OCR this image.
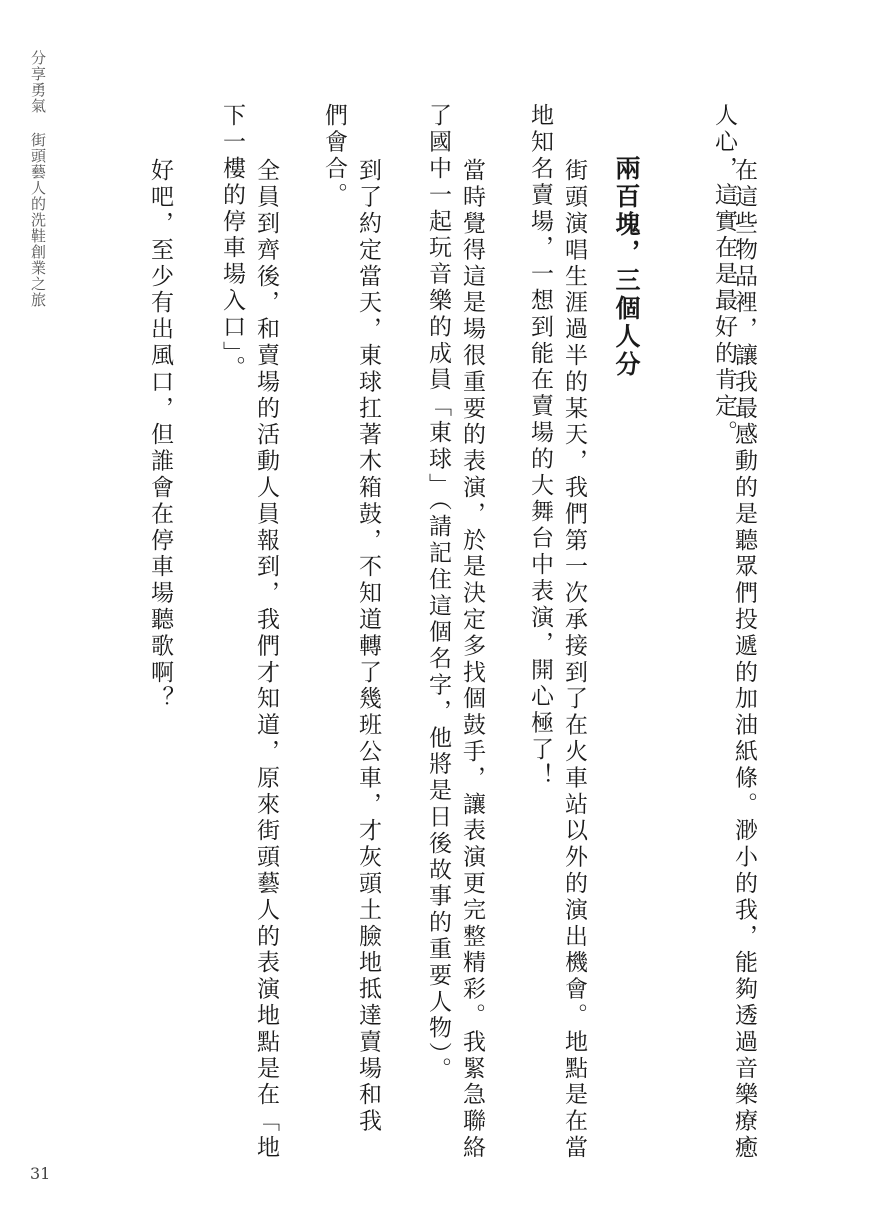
分享勇氣街頭藝人的洗鞋創業之旅	在這些物品裡，讓我最感動的是聽眾們投遞的加油紙條。渺小的我，能夠透過音樂療癒
人心，這實在是最好的肯定。
兩百塊，三個人分
街頭演唱生涯過半的某天，我們第一次承接到了在火車站以外的演出機會。地點是在當
地知名賣場，一想到能在賣場的大舞台中表演，開心極了！
當時覺得這是場很重要的表演，於是決定多找個鼓手，讓表演更完整精彩。我緊急聯絡
了國中一起玩音樂的成員「東球」（請記住這個名字，他將是日後故事的重要人物）。
到了約定當天，東球扛著木箱鼓，不知道轉了幾班公車，才灰頭土臉地抵達賣場和我
們會合。
全員到齊後，和賣場的活動人員報到，我們才知道，原來街頭藝人的表演地點是在「地
下一樓的停車場入口」。
好吧，至少有出風口，但誰會在停車場聽歌啊？
31
